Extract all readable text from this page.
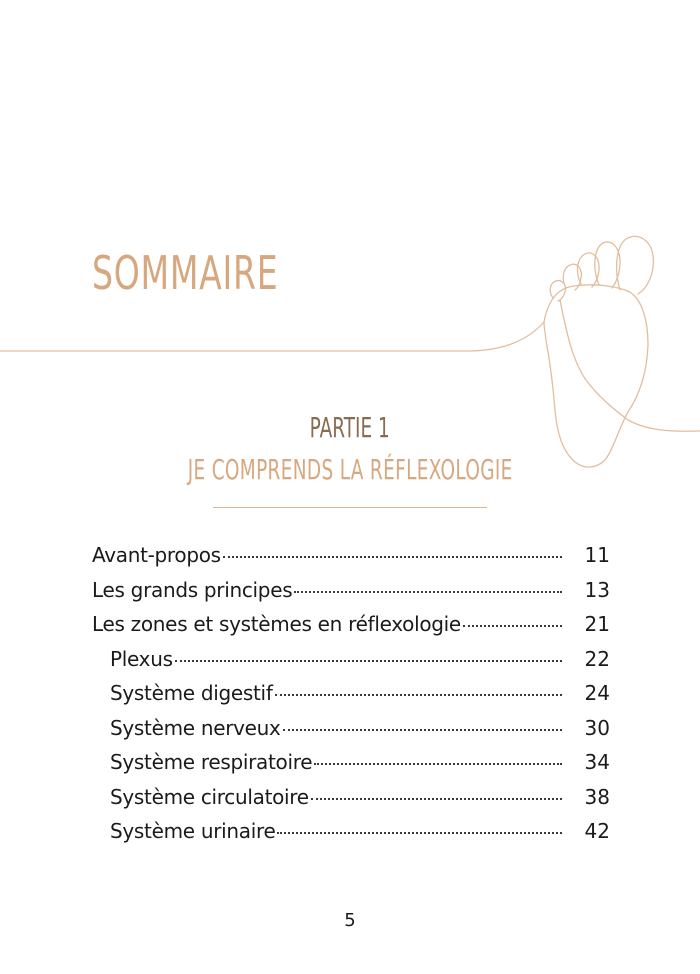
SOMMAIRE
PARTIE 1
JE COMPRENDS LA RÉFLEXOLOGIE
Avant-propos	11
Les grands principes	13
Les zones et systèmes en réflexologie	21
Plexus	22
Système digestif	24
Système nerveux	30
Système respiratoire	34
Système circulatoire	38
Système urinaire	42
5
